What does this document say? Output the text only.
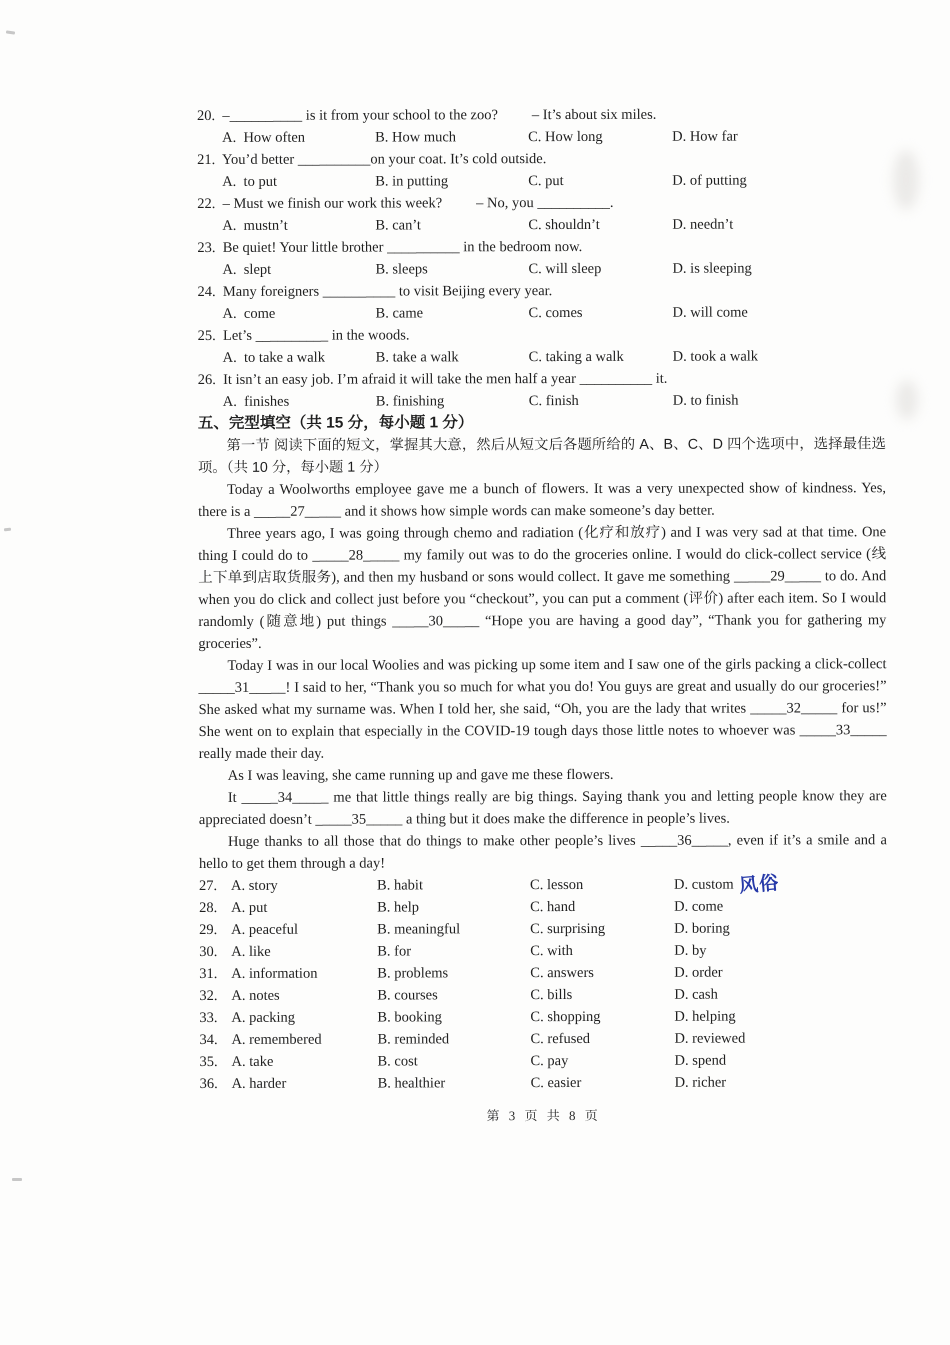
20.  –__________ is it from your school to the zoo? – It’s about six miles.
A.  How often	B. How much	C. How long	D. How far
21.  You’d better __________on your coat. It’s cold outside.
A.  to put	B. in putting	C. put	D. of putting
22.  – Must we finish our work this week? – No, you __________.
A.  mustn’t	B. can’t	C. shouldn’t	D. needn’t
23.  Be quiet! Your little brother __________ in the bedroom now.
A.  slept	B. sleeps	C. will sleep	D. is sleeping
24.  Many foreigners __________ to visit Beijing every year.
A.  come	B. came	C. comes	D. will come
25.  Let’s __________ in the woods.
A.  to take a walk	B. take a walk	C. taking a walk	D. took a walk
26.  It isn’t an easy job. I’m afraid it will take the men half a year __________ it.
A.  finishes	B. finishing	C. finish	D. to finish
五、完型填空（共 15 分，每小题 1 分）

第一节 阅读下面的短文，掌握其大意，然后从短文后各题所给的 A、B、C、D 四个选项中，选择最佳选项。（共 10 分，每小题 1 分）

Today a Woolworths employee gave me a bunch of flowers. It was a very unexpected show of kindness. Yes, there is a _____27_____ and it shows how simple words can make someone’s day better.

Three years ago, I was going through chemo and radiation (化疗和放疗) and I was very sad at that time. One thing I could do to _____28_____ my family out was to do the groceries online. I would do click-collect service (线上下单到店取货服务), and then my husband or sons would collect. It gave me something _____29_____ to do. And when you do click and collect just before you “checkout”, you can put a comment (评价) after each item. So I would randomly (随意地) put things _____30_____ “Hope you are having a good day”, “Thank you for gathering my groceries”.

Today I was in our local Woolies and was picking up some item and I saw one of the girls packing a click-collect _____31_____! I said to her, “Thank you so much for what you do! You guys are great and usually do our groceries!” She asked what my surname was. When I told her, she said, “Oh, you are the lady that writes _____32_____ for us!” She went on to explain that especially in the COVID-19 tough days those little notes to whoever was _____33_____ really made their day.

As I was leaving, she came running up and gave me these flowers.

It _____34_____ me that little things really are big things. Saying thank you and letting people know they are appreciated doesn’t _____35_____ a thing but it does make the difference in people’s lives.

Huge thanks to all those that do things to make other people’s lives _____36_____, even if it’s a smile and a hello to get them through a day!

27. A. story	B. habit	C. lesson	D. custom 风俗
28. A. put	B. help	C. hand	D. come
29. A. peaceful	B. meaningful	C. surprising	D. boring
30. A. like	B. for	C. with	D. by
31. A. information	B. problems	C. answers	D. order
32. A. notes	B. courses	C. bills	D. cash
33. A. packing	B. booking	C. shopping	D. helping
34. A. remembered	B. reminded	C. refused	D. reviewed
35. A. take	B. cost	C. pay	D. spend
36. A. harder	B. healthier	C. easier	D. richer
第 3 页 共 8 页
